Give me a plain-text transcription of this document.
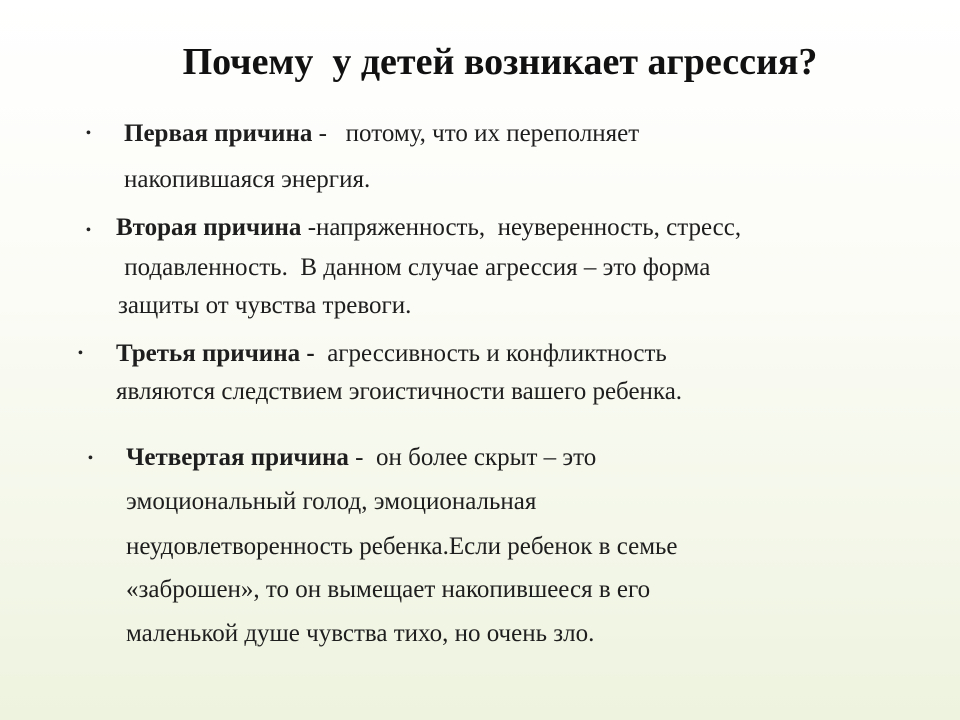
Почему  у детей возникает агрессия?
• Первая причина -   потому, что их переполняет
накопившаяся энергия.
• Вторая причина -напряженность,  неуверенность, стресс,
подавленность.  В данном случае агрессия – это форма
защиты от чувства тревоги.
• Третья причина -  агрессивность и конфликтность
являются следствием эгоистичности вашего ребенка.
• Четвертая причина -  он более скрыт – это
эмоциональный голод, эмоциональная
неудовлетворенность ребенка.Если ребенок в семье
«заброшен», то он вымещает накопившееся в его
маленькой душе чувства тихо, но очень зло.
